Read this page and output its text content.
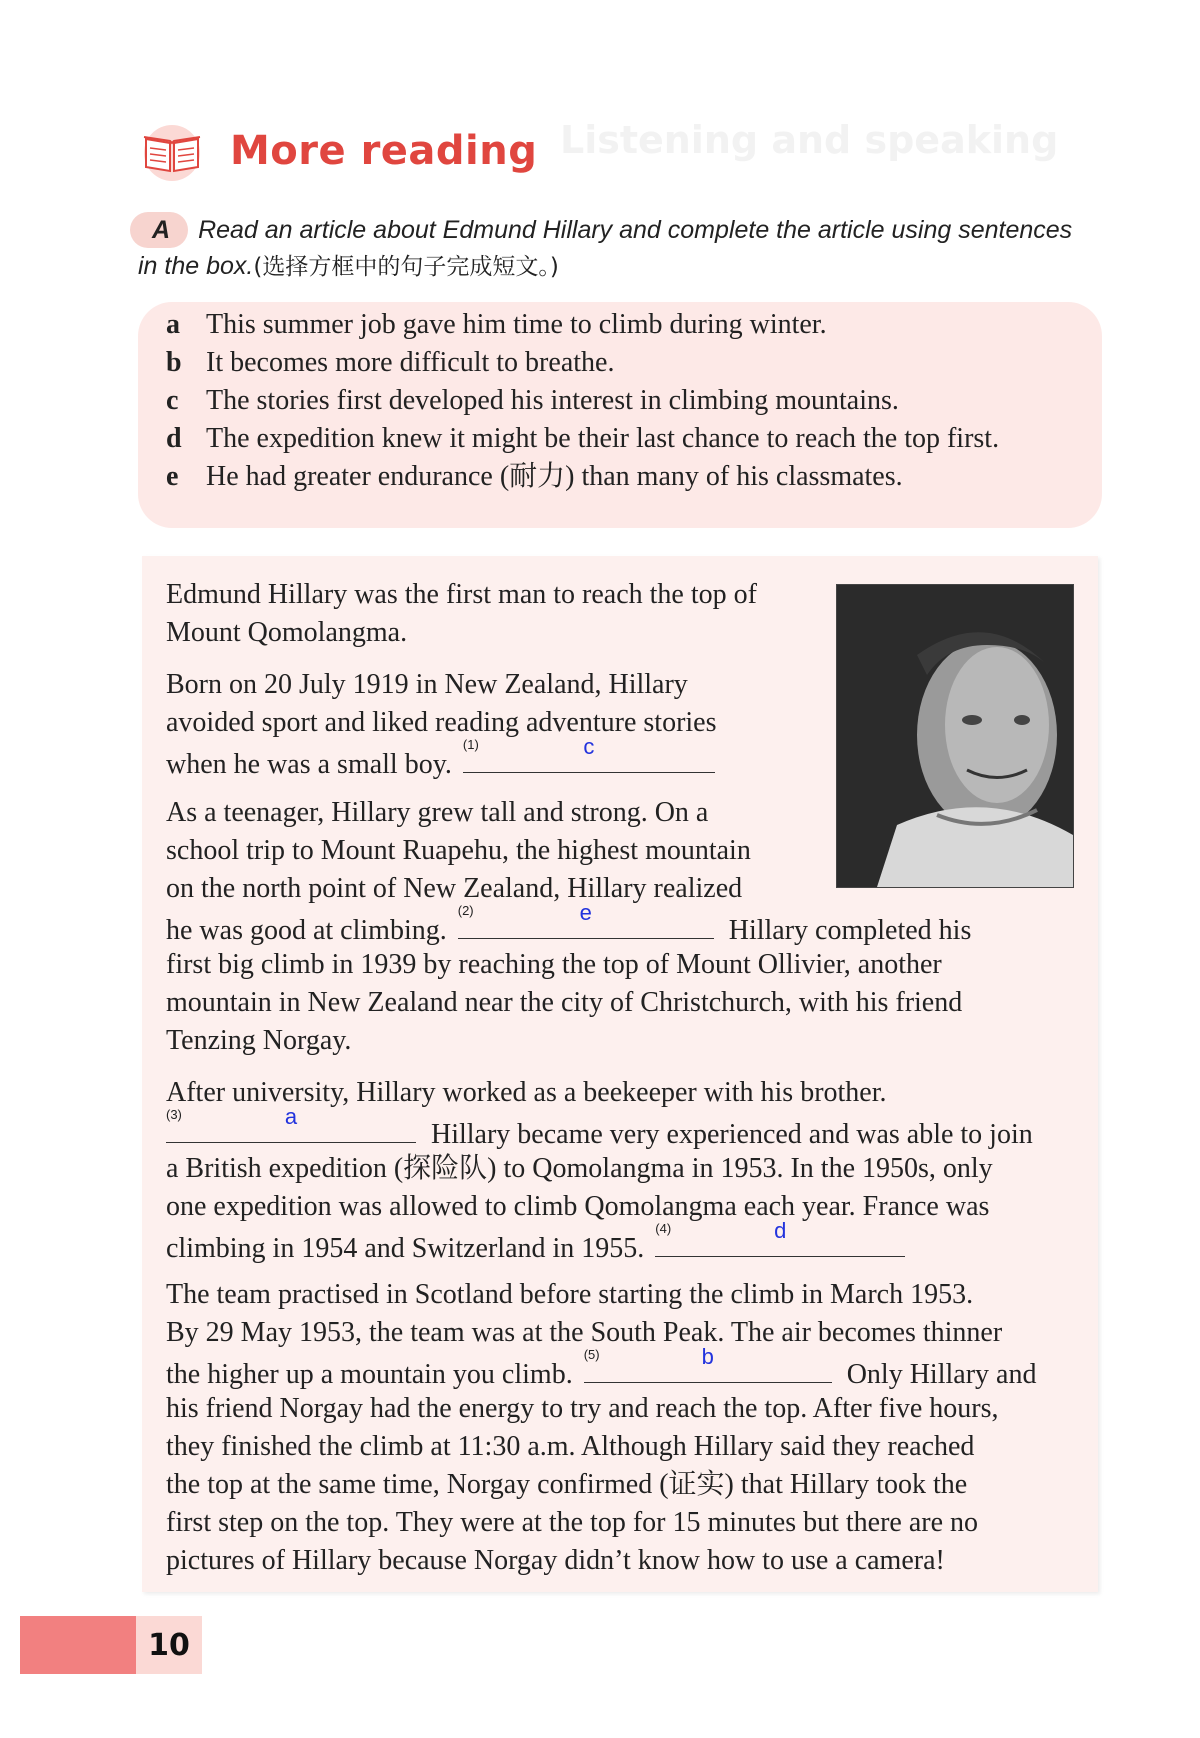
Listening and speaking
More reading
A Read an article about Edmund Hillary and complete the article using sentences in the box.(选择方框中的句子完成短文。)
a This summer job gave him time to climb during winter.
b It becomes more difficult to breathe.
c The stories first developed his interest in climbing mountains.
d The expedition knew it might be their last chance to reach the top first.
e He had greater endurance (耐力) than many of his classmates.
Edmund Hillary was the first man to reach the top of
Mount Qomolangma.
Born on 20 July 1919 in New Zealand, Hillary
avoided sport and liked reading adventure stories
when he was a small boy.
(1)	c
As a teenager, Hillary grew tall and strong. On a
school trip to Mount Ruapehu, the highest mountain
on the north point of New Zealand, Hillary realized
he was good at climbing.
(2)	e
Hillary completed his
first big climb in 1939 by reaching the top of Mount Ollivier, another
mountain in New Zealand near the city of Christchurch, with his friend
Tenzing Norgay.
After university, Hillary worked as a beekeeper with his brother.
(3)	a
Hillary became very experienced and was able to join
a British expedition (探险队) to Qomolangma in 1953. In the 1950s, only
one expedition was allowed to climb Qomolangma each year. France was
climbing in 1954 and Switzerland in 1955.
(4)	d
The team practised in Scotland before starting the climb in March 1953.
By 29 May 1953, the team was at the South Peak. The air becomes thinner
the higher up a mountain you climb.
(5)	b
Only Hillary and
his friend Norgay had the energy to try and reach the top. After five hours,
they finished the climb at 11:30 a.m. Although Hillary said they reached
the top at the same time, Norgay confirmed (证实) that Hillary took the
first step on the top. They were at the top for 15 minutes but there are no
pictures of Hillary because Norgay didn’t know how to use a camera!
10
